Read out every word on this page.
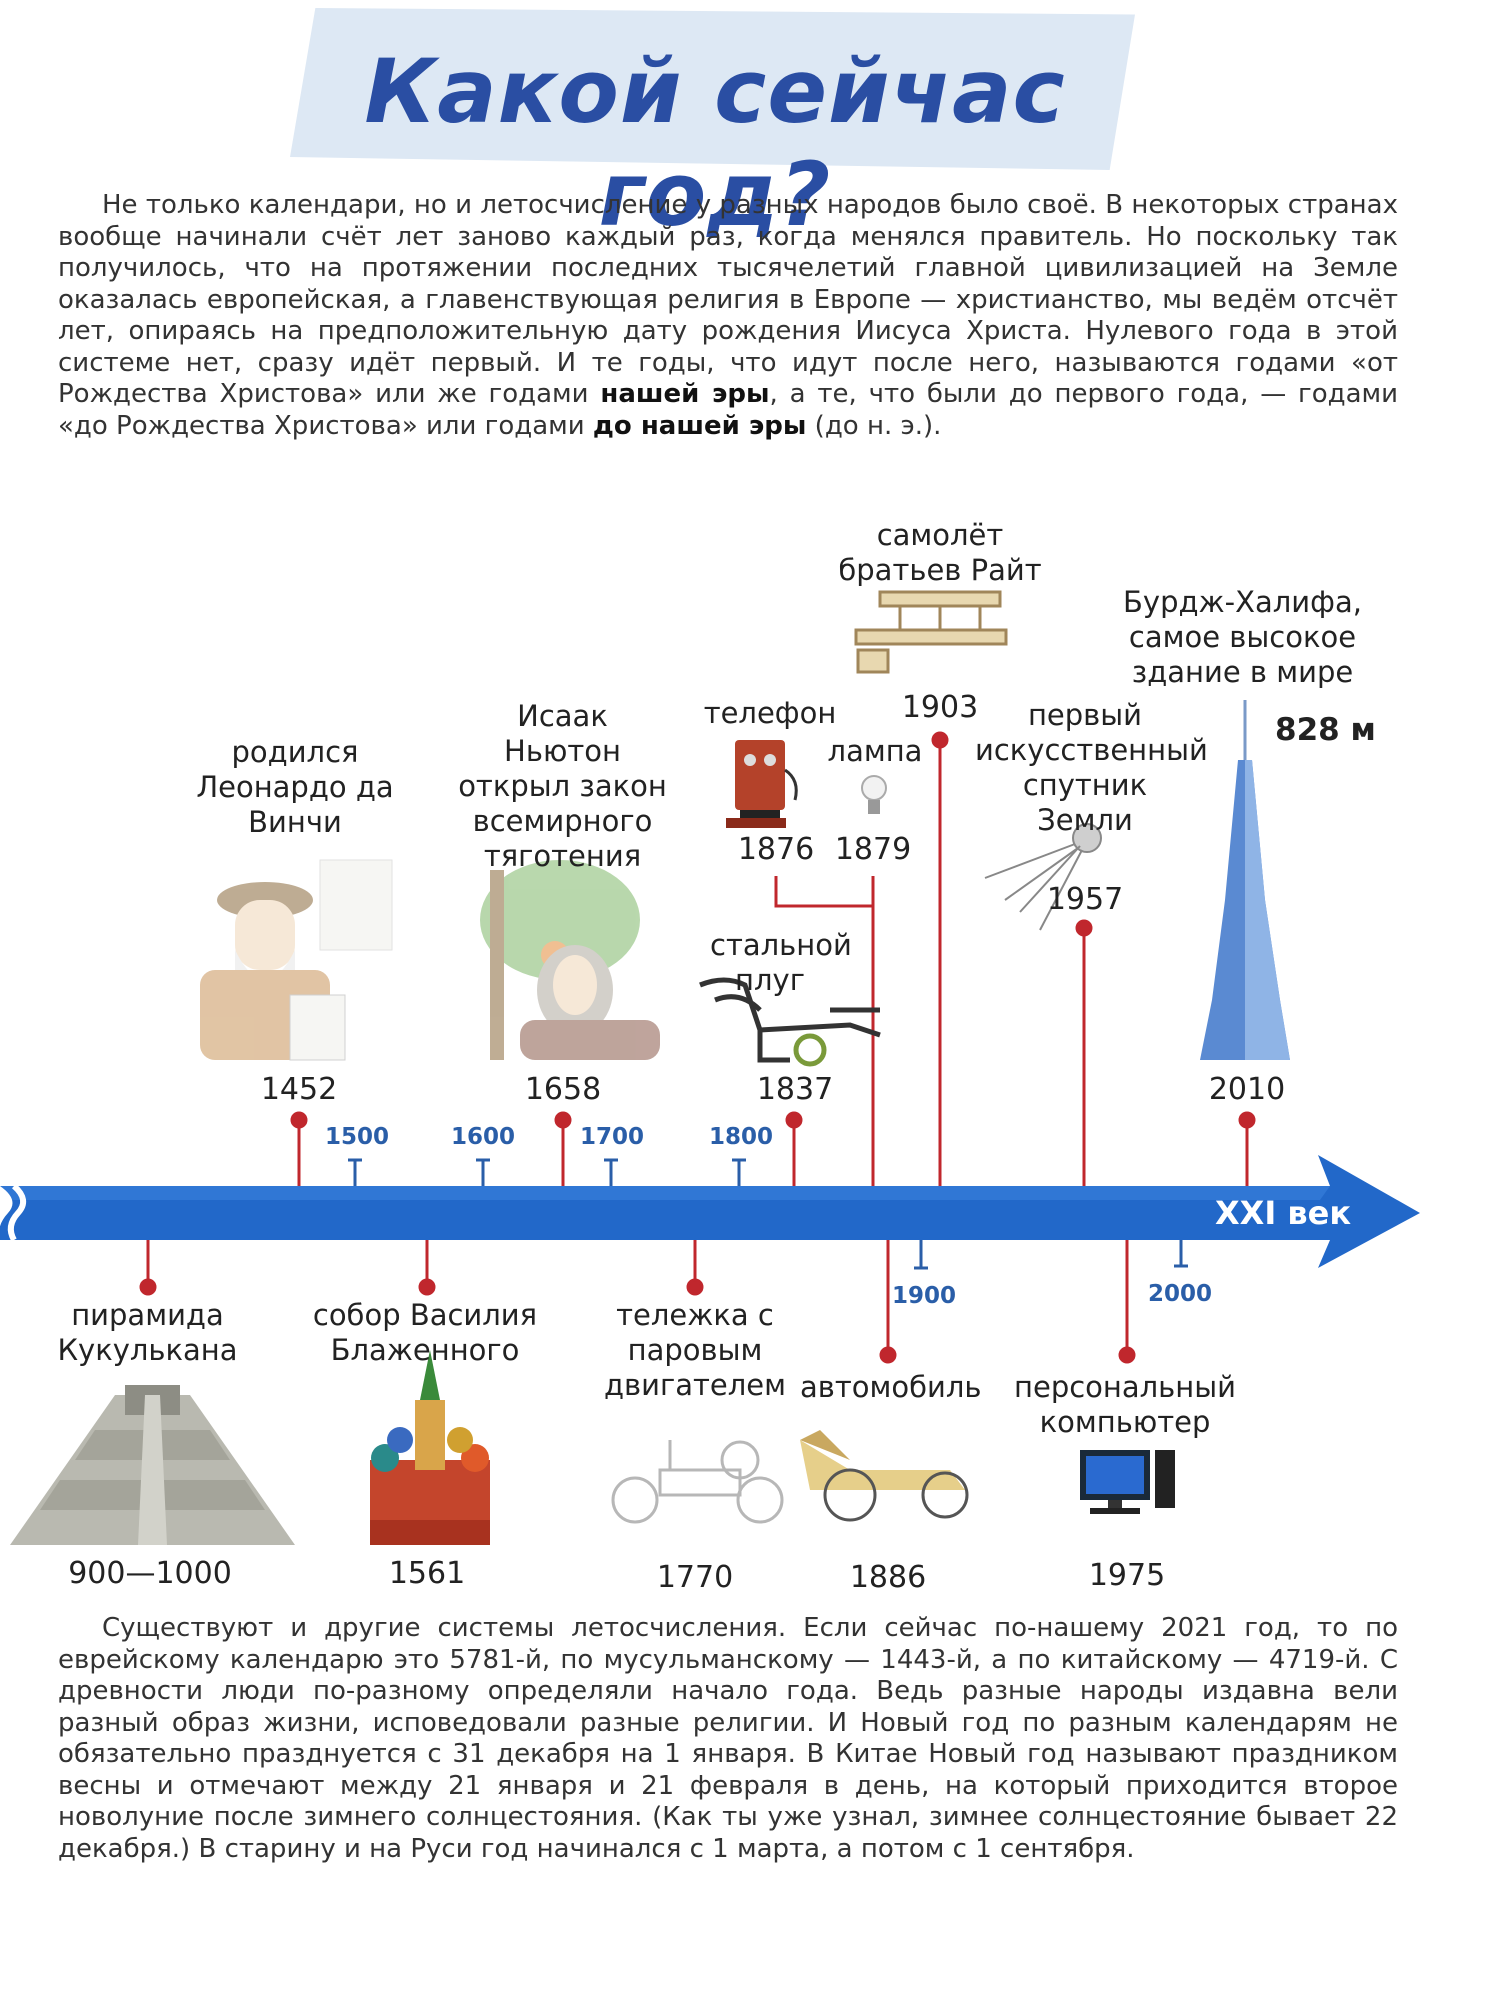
Какой сейчас год?
Не только календари, но и летосчисление у разных народов было своё. В некоторых странах вообще начинали счёт лет заново каждый раз, когда менялся правитель. Но поскольку так получилось, что на протяжении последних тысячелетий главной цивилизацией на Земле оказалась европейская, а главенствующая религия в Европе — христианство, мы ведём отсчёт лет, опираясь на предположительную дату рождения Иисуса Христа. Нулевого года в этой системе нет, сразу идёт первый. И те годы, что идут после него, называются годами «от Рождества Христова» или же годами нашей эры, а те, что были до первого года, — годами «до Рождества Христова» или годами до нашей эры (до н. э.).
XXI век
1500	1600	1700	1800
1900	2000
родился Леонардо да Винчи
1452
Исаак Ньютон открыл закон всемирного тяготения
1658
стальной плуг
1837
телефон
1876
лампа
1879
самолёт братьев Райт
1903	первый искусственный спутник Земли
1957
Бурдж-Халифа, самое высокое здание в мире
828 м
2010
пирамида Кукулькана
900—1000
собор Василия Блаженного
1561
тележка с паровым двигателем
1770
автомобиль
1886
персональный компьютер
1975
Существуют и другие системы летосчисления. Если сейчас по-нашему 2021 год, то по еврейскому календарю это 5781-й, по мусульманскому — 1443-й, а по китайскому — 4719-й. С древности люди по-разному определяли начало года. Ведь разные народы издавна вели разный образ жизни, исповедовали разные религии. И Новый год по разным календарям не обязательно празднуется с 31 декабря на 1 января. В Китае Новый год называют праздником весны и отмечают между 21 января и 21 февраля в день, на который приходится второе новолуние после зимнего солнцестояния. (Как ты уже узнал, зимнее солнцестояние бывает 22 декабря.) В старину и на Руси год начинался с 1 марта, а потом с 1 сентября.
